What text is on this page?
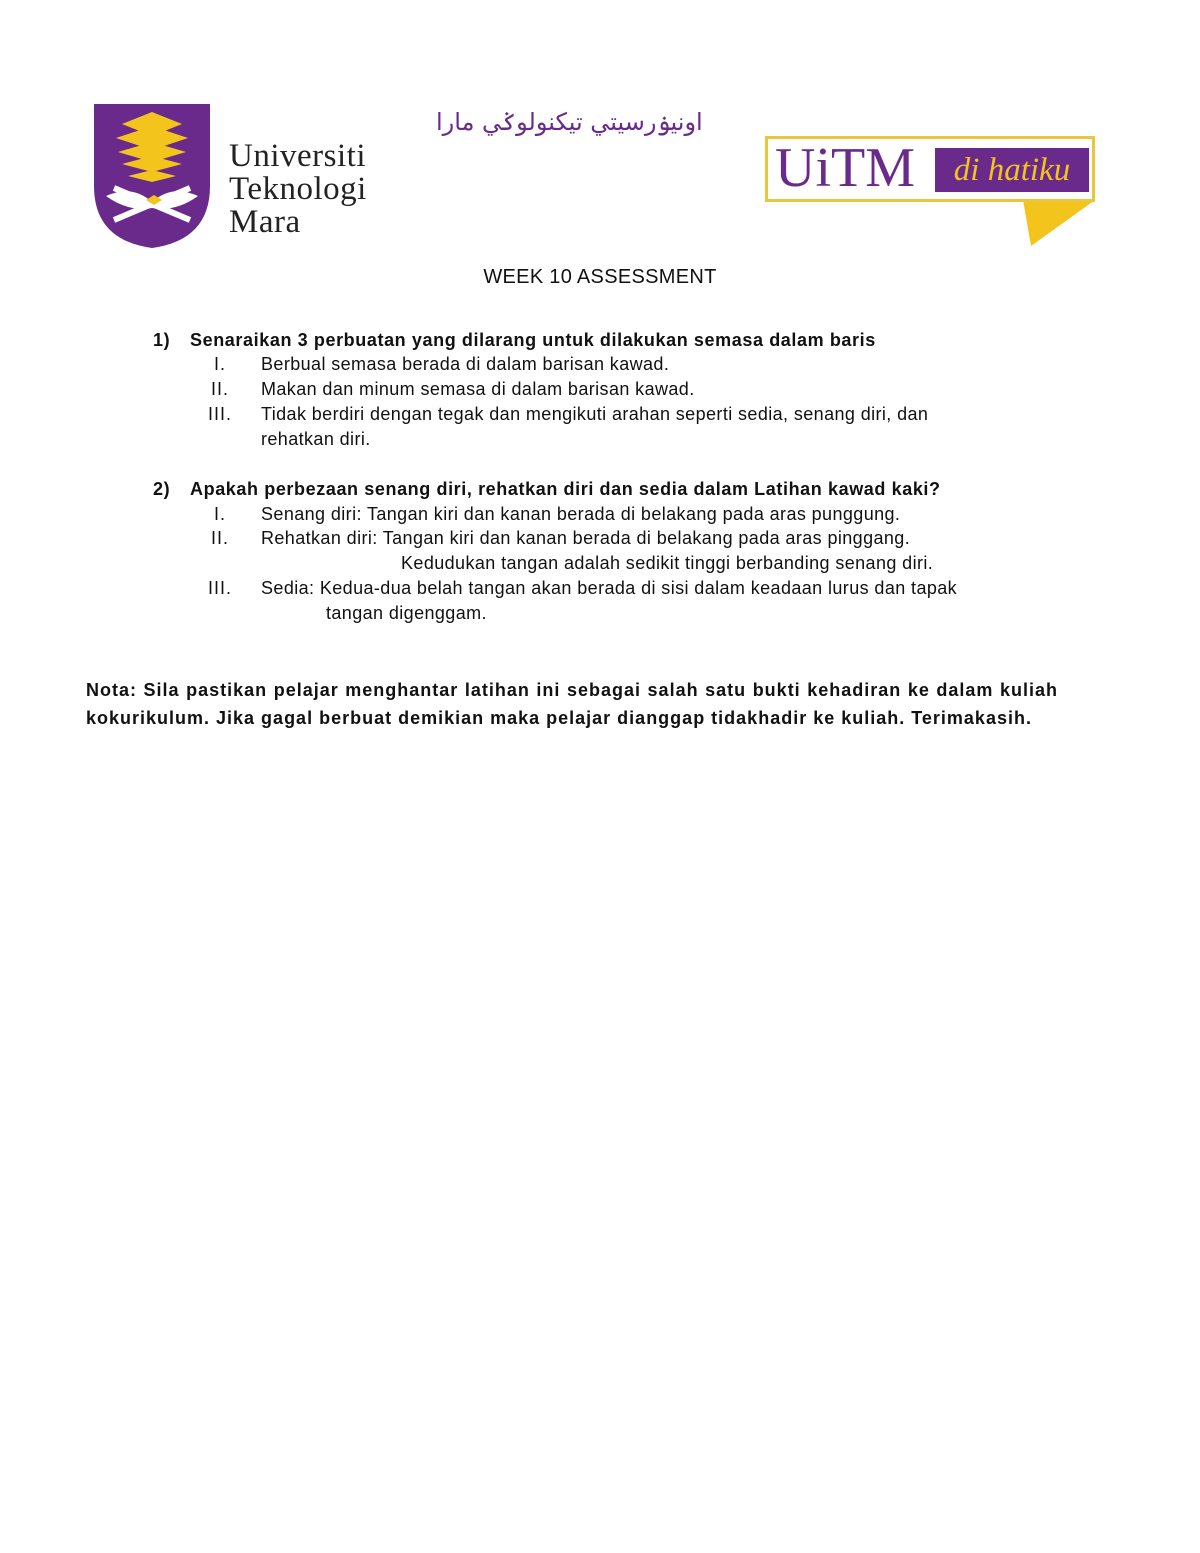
اونيۏرسيتي تيكنولوݢي مارا
Universiti
Teknologi
Mara
UiTM	di hatiku
WEEK 10 ASSESSMENT
1) Senaraikan 3 perbuatan yang dilarang untuk dilakukan semasa dalam baris
I.	Berbual semasa berada di dalam barisan kawad.
II.	Makan dan minum semasa di dalam barisan kawad.
III.	Tidak berdiri dengan tegak dan mengikuti arahan seperti sedia, senang diri, dan
rehatkan diri.
2) Apakah perbezaan senang diri, rehatkan diri dan sedia dalam Latihan kawad kaki?
I.	Senang diri: Tangan kiri dan kanan berada di belakang pada aras punggung.
II.	Rehatkan diri: Tangan kiri dan kanan berada di belakang pada aras pinggang.
Kedudukan tangan adalah sedikit tinggi berbanding senang diri.
III.	Sedia: Kedua-dua belah tangan akan berada di sisi dalam keadaan lurus dan tapak
tangan digenggam.
Nota: Sila pastikan pelajar menghantar latihan ini sebagai salah satu bukti kehadiran ke dalam kuliah kokurikulum. Jika gagal berbuat demikian maka pelajar dianggap tidakhadir ke kuliah. Terimakasih.
